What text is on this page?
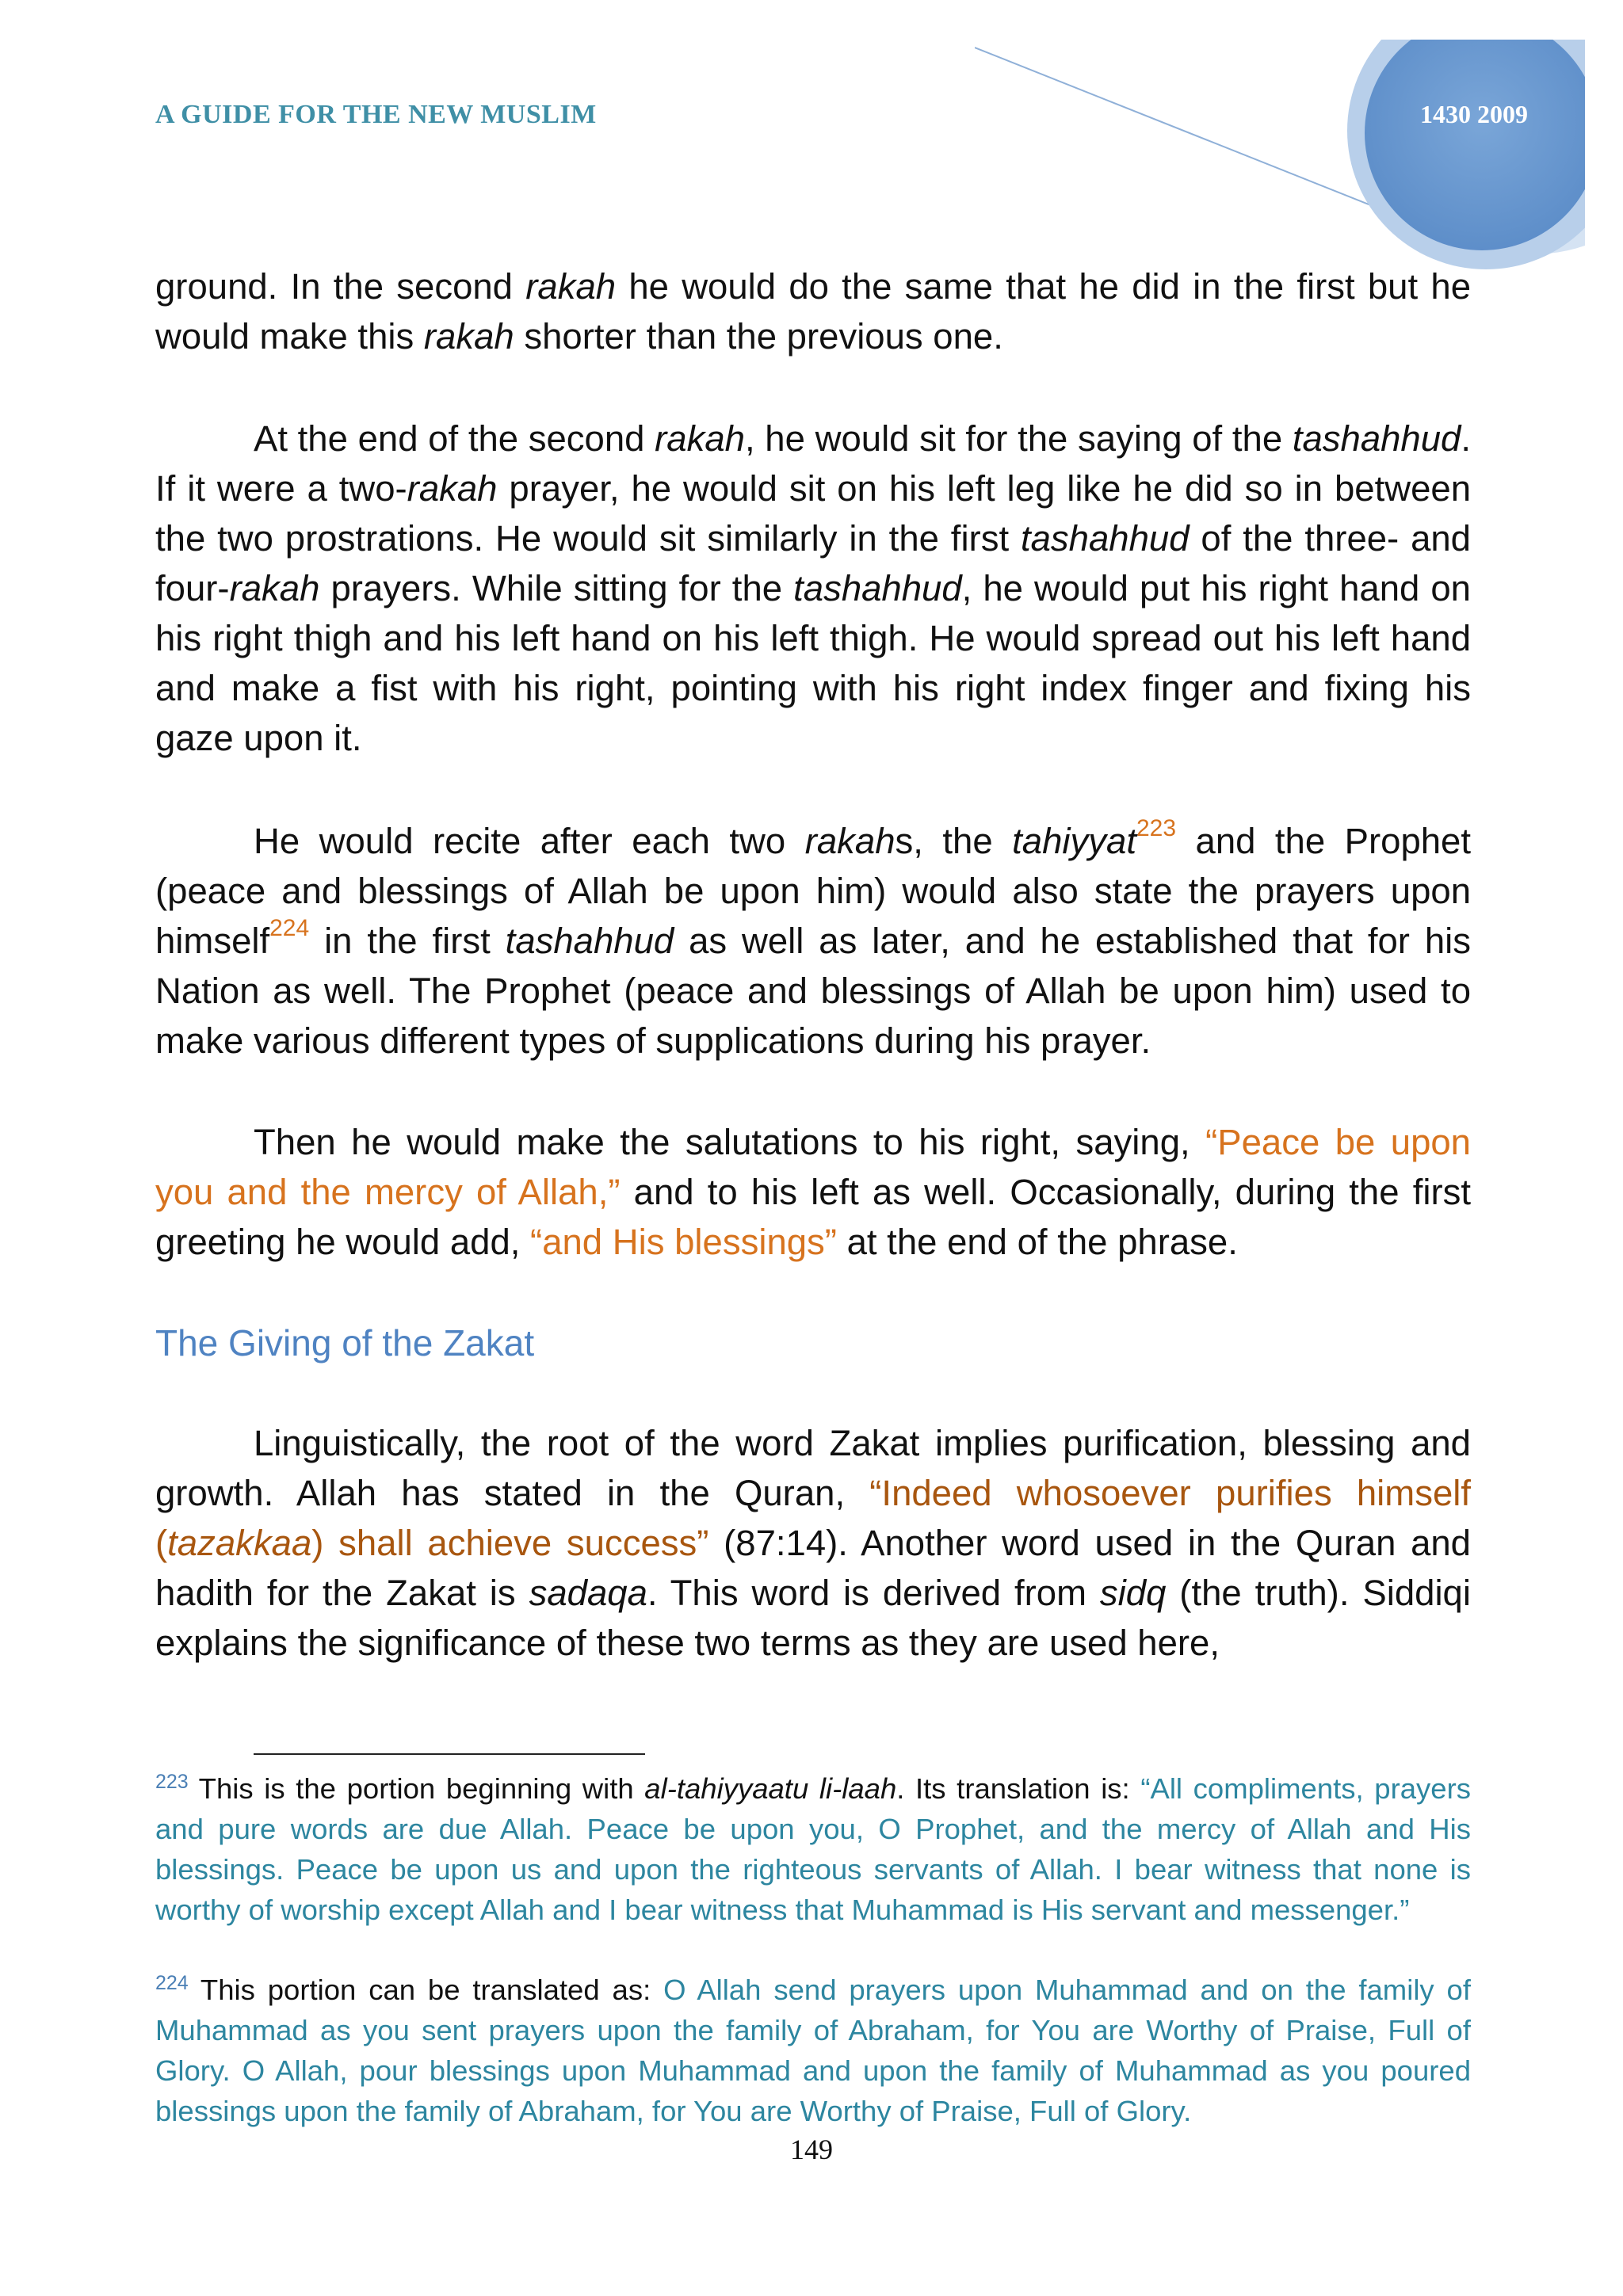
A GUIDE FOR THE NEW MUSLIM	1430 2009

ground. In the second rakah he would do the same that he did in the first but he would make this rakah shorter than the previous one.

At the end of the second rakah, he would sit for the saying of the tashahhud. If it were a two-rakah prayer, he would sit on his left leg like he did so in between the two prostrations. He would sit similarly in the first tashahhud of the three- and four-rakah prayers. While sitting for the tashahhud, he would put his right hand on his right thigh and his left hand on his left thigh. He would spread out his left hand and make a fist with his right, pointing with his right index finger and fixing his gaze upon it.

He would recite after each two rakahs, the tahiyyat$^{223}$ and the Prophet (peace and blessings of Allah be upon him) would also state the prayers upon himself$^{224}$ in the first tashahhud as well as later, and he established that for his Nation as well. The Prophet (peace and blessings of Allah be upon him) used to make various different types of supplications during his prayer.

Then he would make the salutations to his right, saying, “Peace be upon you and the mercy of Allah,” and to his left as well. Occasionally, during the first greeting he would add, “and His blessings” at the end of the phrase.

The Giving of the Zakat

Linguistically, the root of the word Zakat implies purification, blessing and growth. Allah has stated in the Quran, “Indeed whosoever purifies himself (tazakkaa) shall achieve success” (87:14). Another word used in the Quran and hadith for the Zakat is sadaqa. This word is derived from sidq (the truth). Siddiqi explains the significance of these two terms as they are used here,

$^{223}$ This is the portion beginning with al-tahiyyaatu li-laah. Its translation is: “All compliments, prayers and pure words are due Allah. Peace be upon you, O Prophet, and the mercy of Allah and His blessings. Peace be upon us and upon the righteous servants of Allah. I bear witness that none is worthy of worship except Allah and I bear witness that Muhammad is His servant and messenger.”

$^{224}$ This portion can be translated as: O Allah send prayers upon Muhammad and on the family of Muhammad as you sent prayers upon the family of Abraham, for You are Worthy of Praise, Full of Glory. O Allah, pour blessings upon Muhammad and upon the family of Muhammad as you poured blessings upon the family of Abraham, for You are Worthy of Praise, Full of Glory.

149
